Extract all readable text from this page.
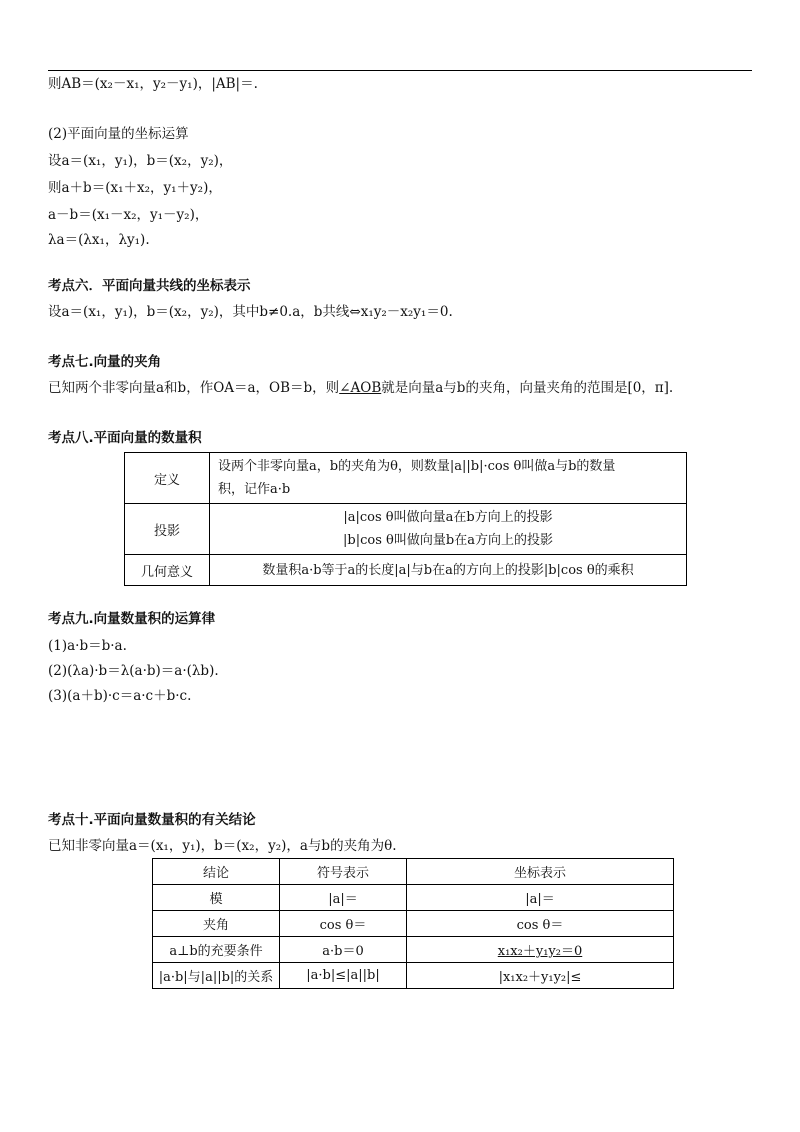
则AB＝(x₂－x₁，y₂－y₁)，|AB|＝.
(2)平面向量的坐标运算
设a＝(x₁，y₁)，b＝(x₂，y₂)，
则a＋b＝(x₁＋x₂，y₁＋y₂)，
a－b＝(x₁－x₂，y₁－y₂)，
λa＝(λx₁，λy₁).
考点六．平面向量共线的坐标表示
设a＝(x₁，y₁)，b＝(x₂，y₂)，其中b≠0.a，b共线⇔x₁y₂－x₂y₁＝0.
考点七.向量的夹角
已知两个非零向量a和b，作OA＝a，OB＝b，则∠AOB就是向量a与b的夹角，向量夹角的范围是[0，π].
考点八.平面向量的数量积
定义	设两个非零向量a，b的夹角为θ，则数量|a||b|·cos θ叫做a与b的数量
积，记作a·b

投影	|a|cos θ叫做向量a在b方向上的投影
|b|cos θ叫做向量b在a方向上的投影

几何意义	数量积a·b等于a的长度|a|与b在a的方向上的投影|b|cos θ的乘积
考点九.向量数量积的运算律
(1)a·b＝b·a.
(2)(λa)·b＝λ(a·b)＝a·(λb).
(3)(a＋b)·c＝a·c＋b·c.
考点十.平面向量数量积的有关结论
已知非零向量a＝(x₁，y₁)，b＝(x₂，y₂)，a与b的夹角为θ.
结论	符号表示	坐标表示
模	|a|＝	|a|＝
夹角	cos θ＝	cos θ＝
a⊥b的充要条件	a·b＝0	x₁x₂＋y₁y₂＝0
|a·b|与|a||b|的关系	|a·b|≤|a||b|	|x₁x₂＋y₁y₂|≤
